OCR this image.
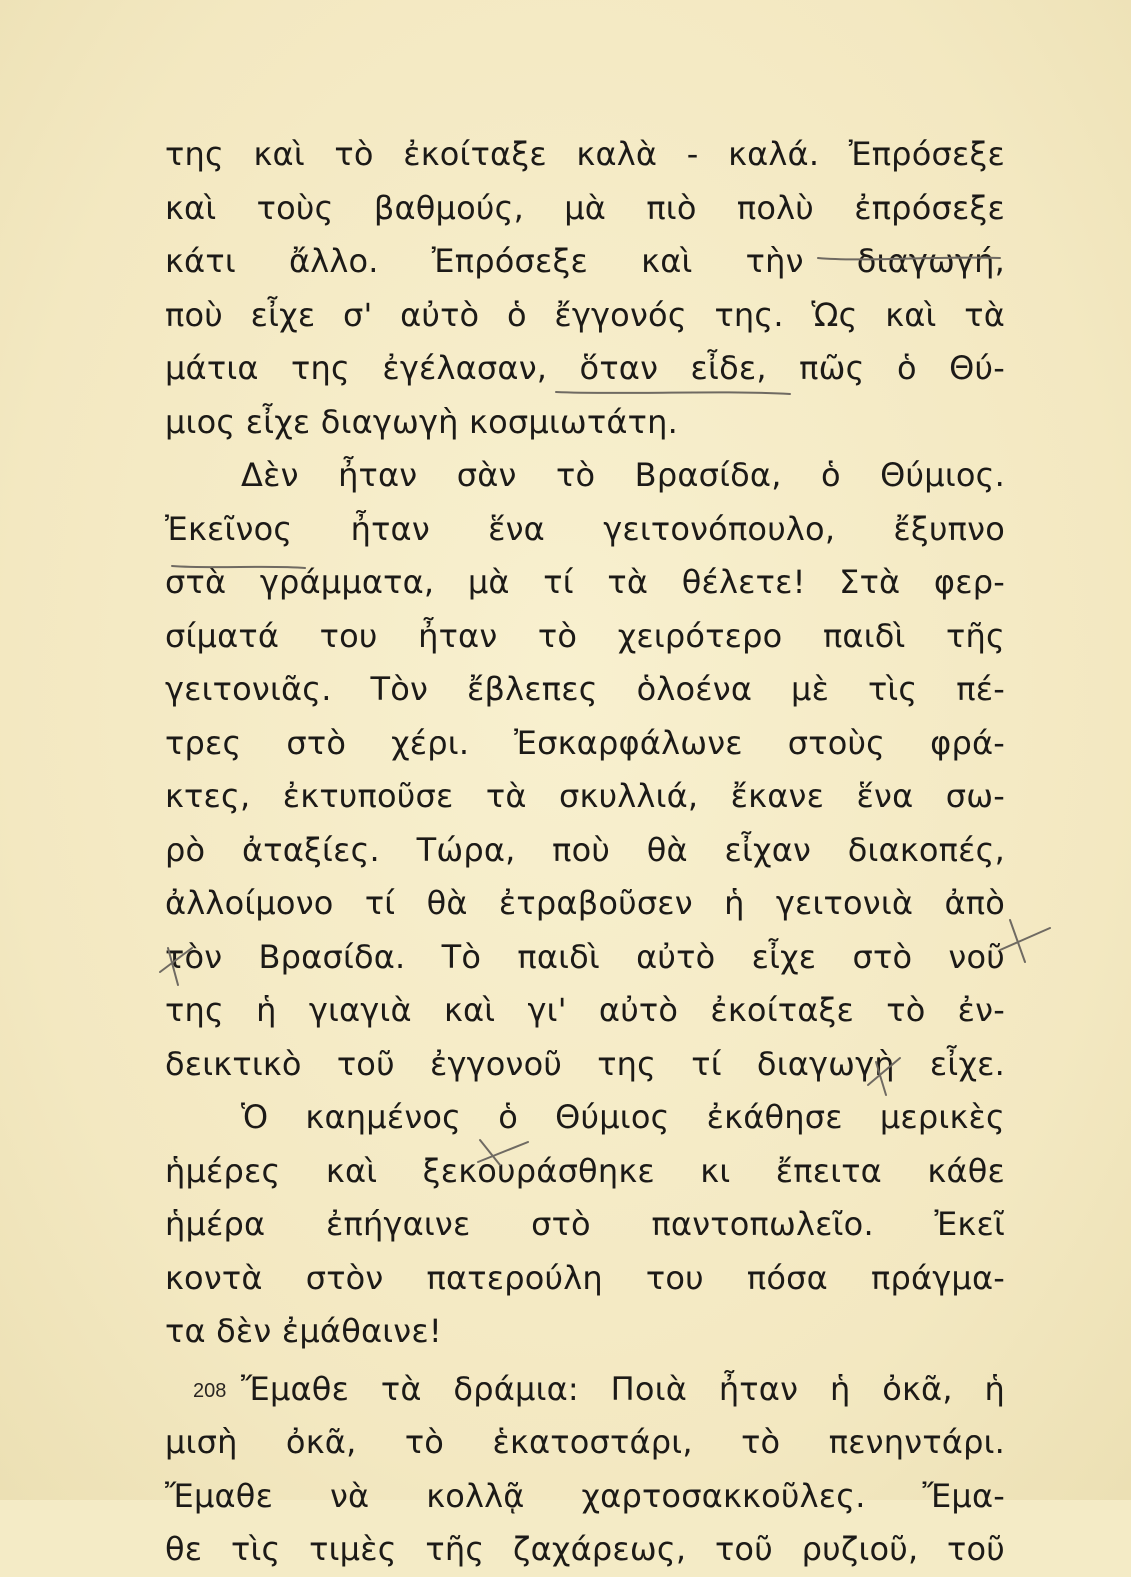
της καὶ τὸ ἐκοίταξε καλὰ - καλά. Ἐπρόσεξε
καὶ τοὺς βαθμούς, μὰ πιὸ πολὺ ἐπρόσεξε
κάτι ἄλλο. Ἐπρόσεξε καὶ τὴν διαγωγή,
ποὺ εἶχε σ' αὐτὸ ὁ ἔγγονός της. Ὡς καὶ τὰ
μάτια της ἐγέλασαν, ὅταν εἶδε, πῶς ὁ Θύ-
μιος εἶχε διαγωγὴ κοσμιωτάτη.
Δὲν ἦταν σὰν τὸ Βρασίδα, ὁ Θύμιος.
Ἐκεῖνος ἦταν ἕνα γειτονόπουλο, ἔξυπνο
στὰ γράμματα, μὰ τί τὰ θέλετε! Στὰ φερ-
σίματά του ἦταν τὸ χειρότερο παιδὶ τῆς
γειτονιᾶς. Τὸν ἔβλεπες ὁλοένα μὲ τὶς πέ-
τρες στὸ χέρι. Ἐσκαρφάλωνε στοὺς φρά-
κτες, ἐκτυποῦσε τὰ σκυλλιά, ἔκανε ἕνα σω-
ρὸ ἀταξίες. Τώρα, ποὺ θὰ εἶχαν διακοπές,
ἀλλοίμονο τί θὰ ἐτραβοῦσεν ἡ γειτονιὰ ἀπὸ
τὸν Βρασίδα. Τὸ παιδὶ αὐτὸ εἶχε στὸ νοῦ
της ἡ γιαγιὰ καὶ γι' αὐτὸ ἐκοίταξε τὸ ἐν-
δεικτικὸ τοῦ ἐγγονοῦ της τί διαγωγὴ εἶχε.
Ὁ καημένος ὁ Θύμιος ἐκάθησε μερικὲς
ἡμέρες καὶ ξεκουράσθηκε κι ἔπειτα κάθε
ἡμέρα ἐπήγαινε στὸ παντοπωλεῖο. Ἐκεῖ
κοντὰ στὸν πατερούλη του πόσα πράγμα-
τα δὲν ἐμάθαινε!
Ἔμαθε τὰ δράμια: Ποιὰ ἦταν ἡ ὀκᾶ, ἡ
μισὴ ὀκᾶ, τὸ ἑκατοστάρι, τὸ πενηντάρι.
Ἔμαθε νὰ κολλᾷ χαρτοσακκοῦλες. Ἔμα-
θε τὶς τιμὲς τῆς ζαχάρεως, τοῦ ρυζιοῦ, τοῦ
208
